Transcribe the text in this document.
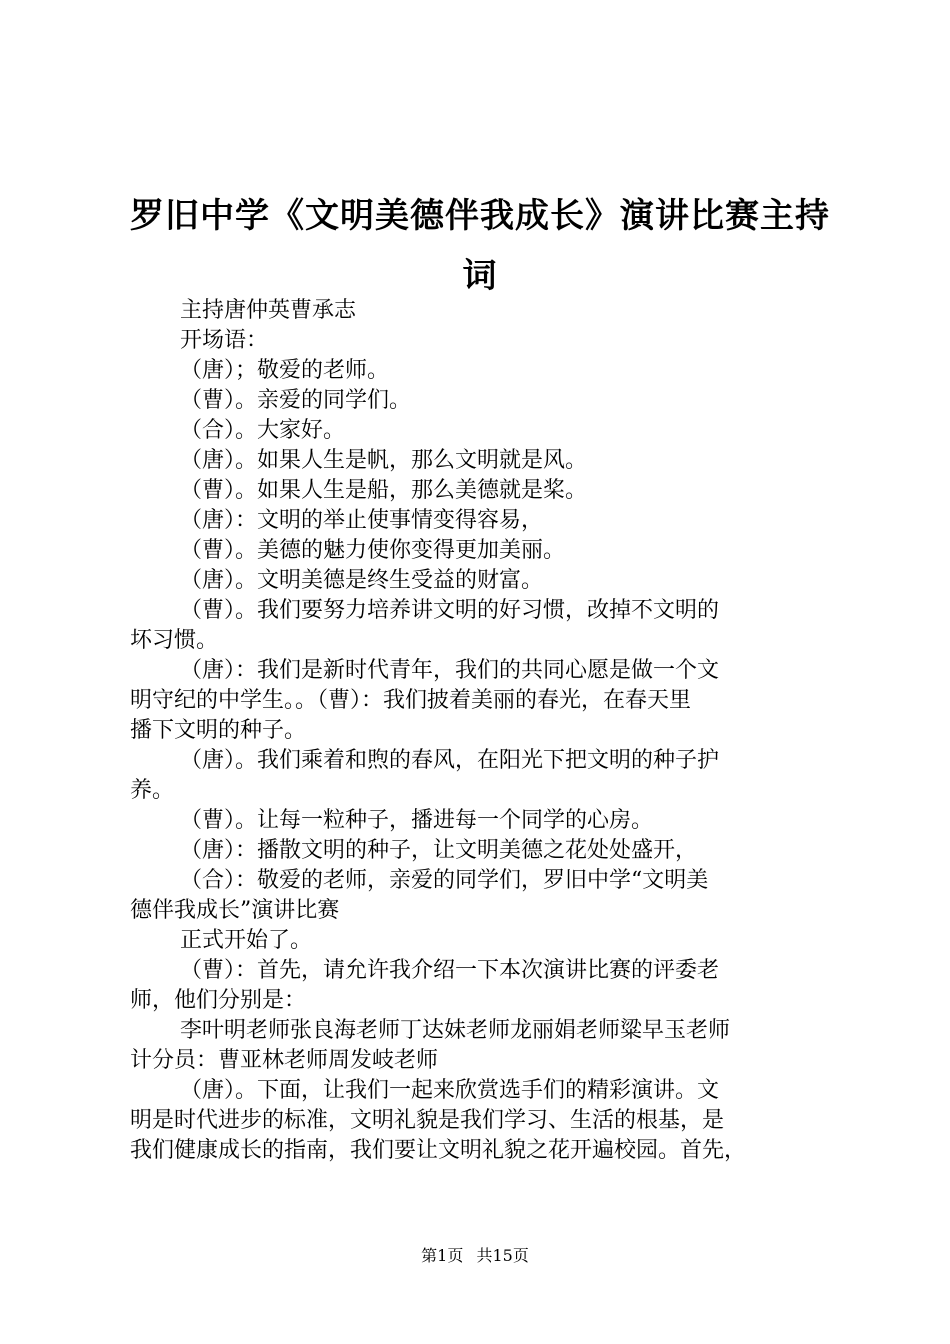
罗旧中学《文明美德伴我成长》演讲比赛主持
词
主持唐仲英曹承志
开场语：
（唐）；敬爱的老师。
（曹）。亲爱的同学们。
（合）。大家好。
（唐）。如果人生是帆，那么文明就是风。
（曹）。如果人生是船，那么美德就是桨。
（唐）：文明的举止使事情变得容易，
（曹）。美德的魅力使你变得更加美丽。
（唐）。文明美德是终生受益的财富。
（曹）。我们要努力培养讲文明的好习惯，改掉不文明的
坏习惯。
（唐）：我们是新时代青年，我们的共同心愿是做一个文
明守纪的中学生。。（曹）：我们披着美丽的春光，在春天里
播下文明的种子。
（唐）。我们乘着和煦的春风，在阳光下把文明的种子护
养。
（曹）。让每一粒种子，播进每一个同学的心房。
（唐）：播散文明的种子，让文明美德之花处处盛开，
（合）：敬爱的老师，亲爱的同学们，罗旧中学“文明美
德伴我成长”演讲比赛
正式开始了。
（曹）：首先，请允许我介绍一下本次演讲比赛的评委老
师，他们分别是：
李叶明老师张良海老师丁达妹老师龙丽娟老师粱早玉老师
计分员：曹亚林老师周发岐老师
（唐）。下面，让我们一起来欣赏选手们的精彩演讲。文
明是时代进步的标准，文明礼貌是我们学习、生活的根基，是
我们健康成长的指南，我们要让文明礼貌之花开遍校园。首先，
第1页 共15页
